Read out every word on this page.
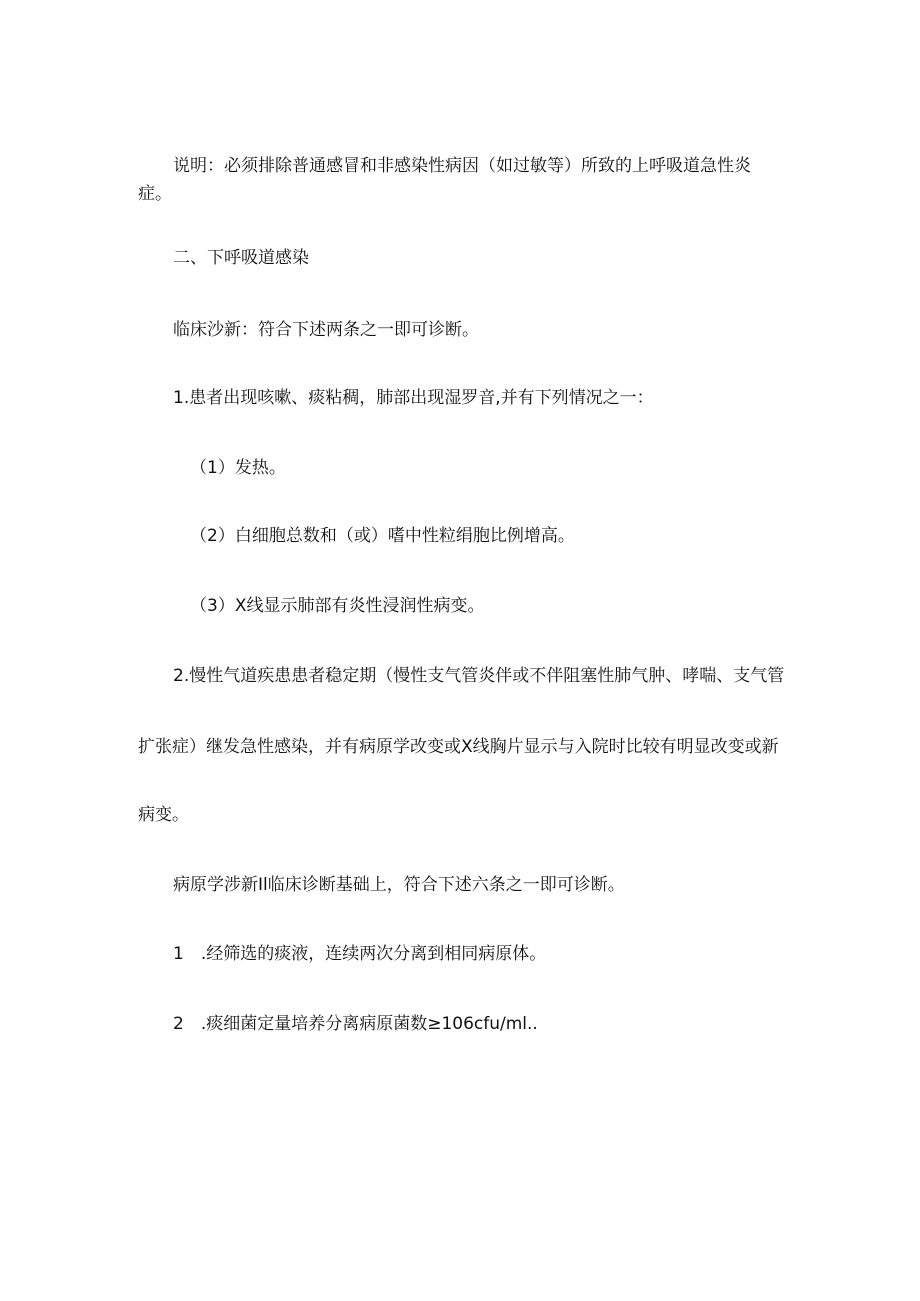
说明：必须排除普通感冒和非感染性病因（如过敏等）所致的上呼吸道急性炎

症。

二、下呼吸道感染

临床沙新：符合下述两条之一即可诊断。

1.患者出现咳嗽、痰粘稠，肺部出现湿罗音,并有下列情况之一：

（1）发热。

（2）白细胞总数和（或）嗜中性粒绢胞比例增高。

（3）X线显示肺部有炎性浸润性病变。

2.慢性气道疾患患者稳定期（慢性支气管炎伴或不伴阻塞性肺气肿、哮喘、支气管

扩张症）继发急性感染，并有病原学改变或X线胸片显示与入院时比较有明显改变或新

病变。

病原学涉新Il临床诊断基础上，符合下述六条之一即可诊断。

1　.经筛选的痰液，连续两次分离到相同病原体。

2　.痰细菌定量培养分离病原菌数≥106cfu∕ml..
